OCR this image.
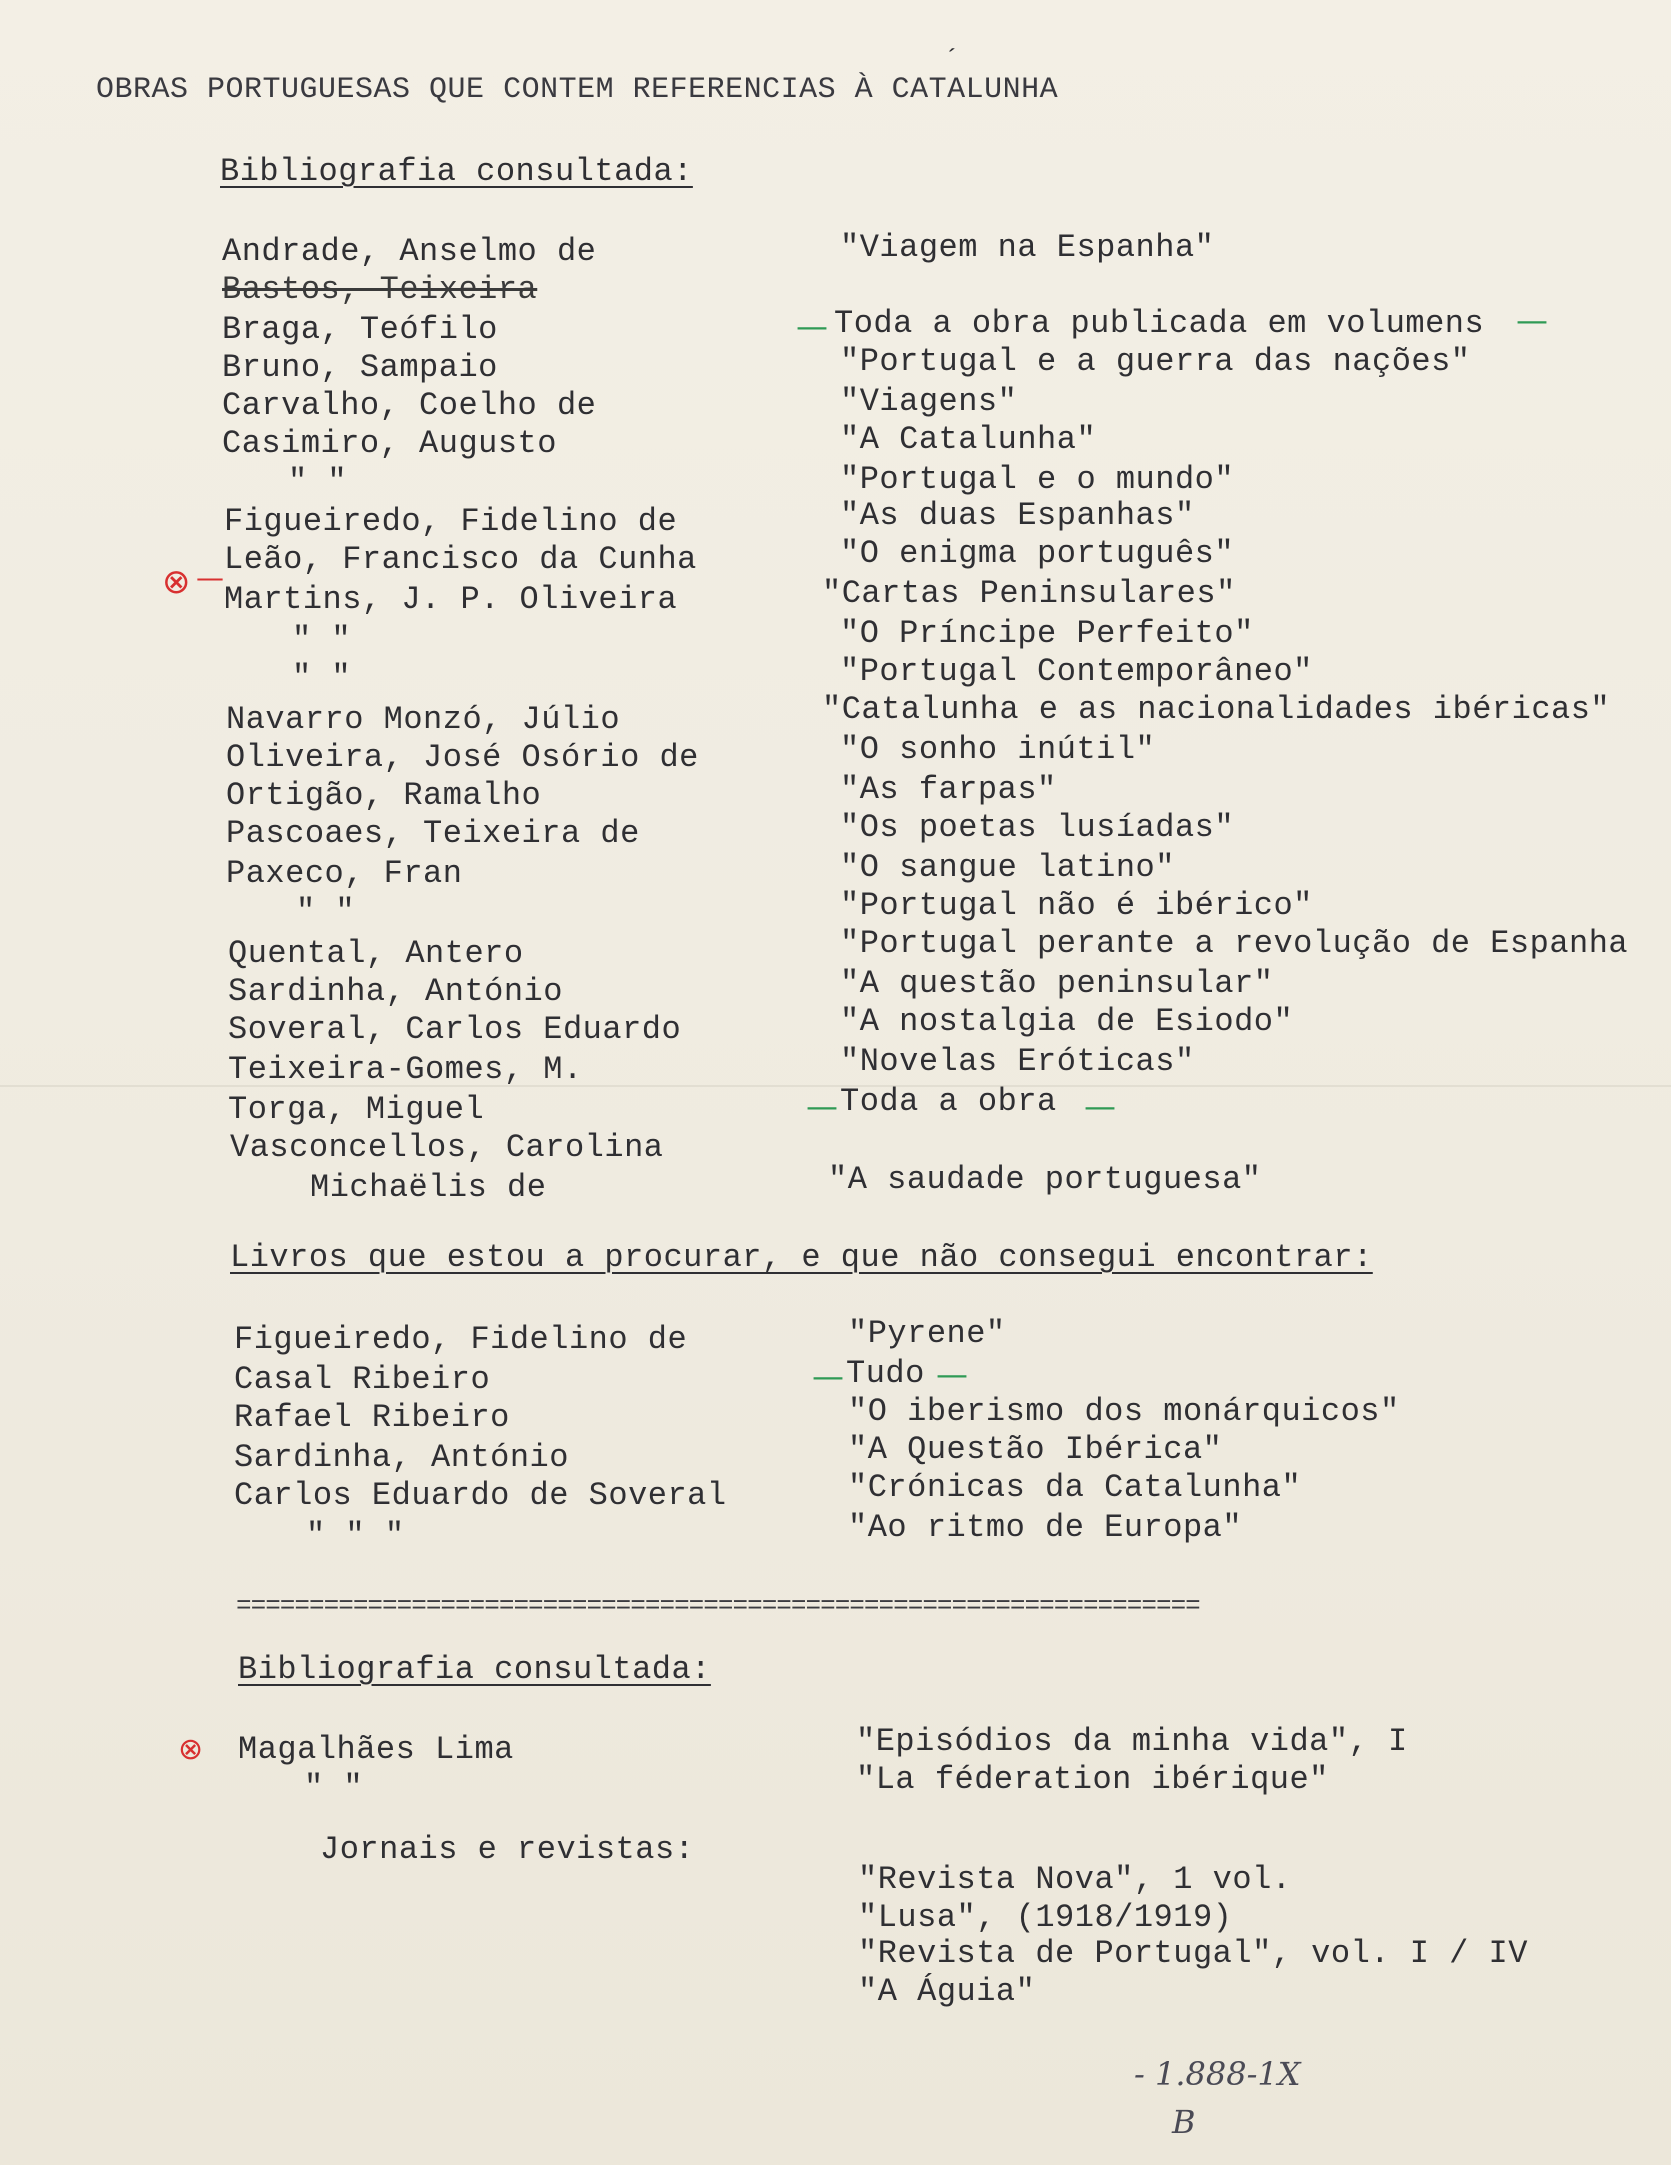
OBRAS PORTUGUESAS QUE CONTEM REFERENCIAS À CATALUNHA
´
Bibliografia consultada:
Andrade, Anselmo de	"Viagem na Espanha"
Bastos, Teixeira
Braga, Teófilo	— Toda a obra publicada em volumens —
Bruno, Sampaio	"Portugal e a guerra das nações"
Carvalho, Coelho de	"Viagens"
Casimiro, Augusto	"A Catalunha"
" "	"Portugal e o mundo"
Figueiredo, Fidelino de	"As duas Espanhas"
⊗ — Leão, Francisco da Cunha	"O enigma português"
Martins, J. P. Oliveira	"Cartas Peninsulares"
" "	"O Príncipe Perfeito"
" "	"Portugal Contemporâneo"
Navarro Monzó, Júlio	"Catalunha e as nacionalidades ibéricas"
Oliveira, José Osório de	"O sonho inútil"
Ortigão, Ramalho	"As farpas"
Pascoaes, Teixeira de	"Os poetas lusíadas"
Paxeco, Fran	"O sangue latino"
" "	"Portugal não é ibérico"
Quental, Antero	"Portugal perante a revolução de Espanha
Sardinha, António	"A questão peninsular"
Soveral, Carlos Eduardo	"A nostalgia de Esiodo"
Teixeira-Gomes, M.	"Novelas Eróticas"
Torga, Miguel	— Toda a obra —
Vasconcellos, Carolina
Michaëlis de	"A saudade portuguesa"
Livros que estou a procurar, e que não consegui encontrar:
Figueiredo, Fidelino de	"Pyrene"
Casal Ribeiro	— Tudo —
Rafael Ribeiro	"O iberismo dos monárquicos"
Sardinha, António	"A Questão Ibérica"
Carlos Eduardo de Soveral	"Crónicas da Catalunha"
" " "	"Ao ritmo de Europa"
==================================================================
Bibliografia consultada:
⊗ Magalhães Lima	"Episódios da minha vida", I
" "	"La féderation ibérique"
Jornais e revistas:
"Revista Nova", 1 vol.
"Lusa", (1918/1919)
"Revista de Portugal", vol. I / IV
"A Águia"
- 1.888-1X
B
